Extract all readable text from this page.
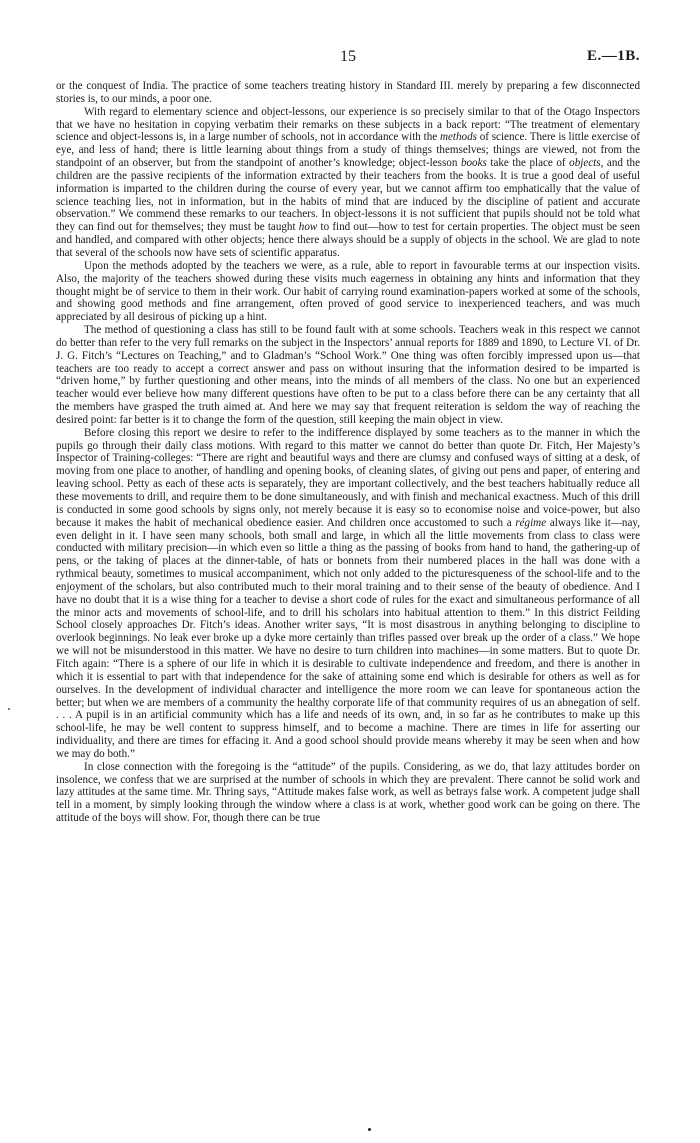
15	E.—1B.

or the conquest of India. The practice of some teachers treating history in Standard III. merely by preparing a few disconnected stories is, to our minds, a poor one.

With regard to elementary science and object-lessons, our experience is so precisely similar to that of the Otago Inspectors that we have no hesitation in copying verbatim their remarks on these subjects in a back report: “The treatment of elementary science and object-lessons is, in a large number of schools, not in accordance with the methods of science. There is little exercise of eye, and less of hand; there is little learning about things from a study of things themselves; things are viewed, not from the standpoint of an observer, but from the standpoint of another’s knowledge; object-lesson books take the place of objects, and the children are the passive recipients of the information extracted by their teachers from the books. It is true a good deal of useful information is imparted to the children during the course of every year, but we cannot affirm too emphatically that the value of science teaching lies, not in information, but in the habits of mind that are induced by the discipline of patient and accurate observation.” We commend these remarks to our teachers. In object-lessons it is not sufficient that pupils should not be told what they can find out for themselves; they must be taught how to find out—how to test for certain properties. The object must be seen and handled, and compared with other objects; hence there always should be a supply of objects in the school. We are glad to note that several of the schools now have sets of scientific apparatus.

Upon the methods adopted by the teachers we were, as a rule, able to report in favourable terms at our inspection visits. Also, the majority of the teachers showed during these visits much eagerness in obtaining any hints and information that they thought might be of service to them in their work. Our habit of carrying round examination-papers worked at some of the schools, and showing good methods and fine arrangement, often proved of good service to inexperienced teachers, and was much appreciated by all desirous of picking up a hint.

The method of questioning a class has still to be found fault with at some schools. Teachers weak in this respect we cannot do better than refer to the very full remarks on the subject in the Inspectors’ annual reports for 1889 and 1890, to Lecture VI. of Dr. J. G. Fitch’s “Lectures on Teaching,” and to Gladman’s “School Work.” One thing was often forcibly impressed upon us—that teachers are too ready to accept a correct answer and pass on without insuring that the information desired to be imparted is “driven home,” by further questioning and other means, into the minds of all members of the class. No one but an experienced teacher would ever believe how many different questions have often to be put to a class before there can be any certainty that all the members have grasped the truth aimed at. And here we may say that frequent reiteration is seldom the way of reaching the desired point: far better is it to change the form of the question, still keeping the main object in view.

Before closing this report we desire to refer to the indifference displayed by some teachers as to the manner in which the pupils go through their daily class motions. With regard to this matter we cannot do better than quote Dr. Fitch, Her Majesty’s Inspector of Training-colleges: “There are right and beautiful ways and there are clumsy and confused ways of sitting at a desk, of moving from one place to another, of handling and opening books, of cleaning slates, of giving out pens and paper, of entering and leaving school. Petty as each of these acts is separately, they are important collectively, and the best teachers habitually reduce all these movements to drill, and require them to be done simultaneously, and with finish and mechanical exactness. Much of this drill is conducted in some good schools by signs only, not merely because it is easy so to economise noise and voice-power, but also because it makes the habit of mechanical obedience easier. And children once accustomed to such a régime always like it—nay, even delight in it. I have seen many schools, both small and large, in which all the little movements from class to class were conducted with military precision—in which even so little a thing as the passing of books from hand to hand, the gathering-up of pens, or the taking of places at the dinner-table, of hats or bonnets from their numbered places in the hall was done with a rythmical beauty, sometimes to musical accompaniment, which not only added to the picturesqueness of the school-life and to the enjoyment of the scholars, but also contributed much to their moral training and to their sense of the beauty of obedience. And I have no doubt that it is a wise thing for a teacher to devise a short code of rules for the exact and simultaneous performance of all the minor acts and movements of school-life, and to drill his scholars into habitual attention to them.” In this district Feilding School closely approaches Dr. Fitch’s ideas. Another writer says, “It is most disastrous in anything belonging to discipline to overlook beginnings. No leak ever broke up a dyke more certainly than trifles passed over break up the order of a class.” We hope we will not be misunderstood in this matter. We have no desire to turn children into machines—in some matters. But to quote Dr. Fitch again: “There is a sphere of our life in which it is desirable to cultivate independence and freedom, and there is another in which it is essential to part with that independence for the sake of attaining some end which is desirable for others as well as for ourselves. In the development of individual character and intelligence the more room we can leave for spontaneous action the better; but when we are members of a community the healthy corporate life of that community requires of us an abnegation of self. . . . A pupil is in an artificial community which has a life and needs of its own, and, in so far as he contributes to make up this school-life, he may be well content to suppress himself, and to become a machine. There are times in life for asserting our individuality, and there are times for effacing it. And a good school should provide means whereby it may be seen when and how we may do both.”

In close connection with the foregoing is the “attitude” of the pupils. Considering, as we do, that lazy attitudes border on insolence, we confess that we are surprised at the number of schools in which they are prevalent. There cannot be solid work and lazy attitudes at the same time. Mr. Thring says, “Attitude makes false work, as well as betrays false work. A competent judge shall tell in a moment, by simply looking through the window where a class is at work, whether good work can be going on there. The attitude of the boys will show. For, though there can be true
